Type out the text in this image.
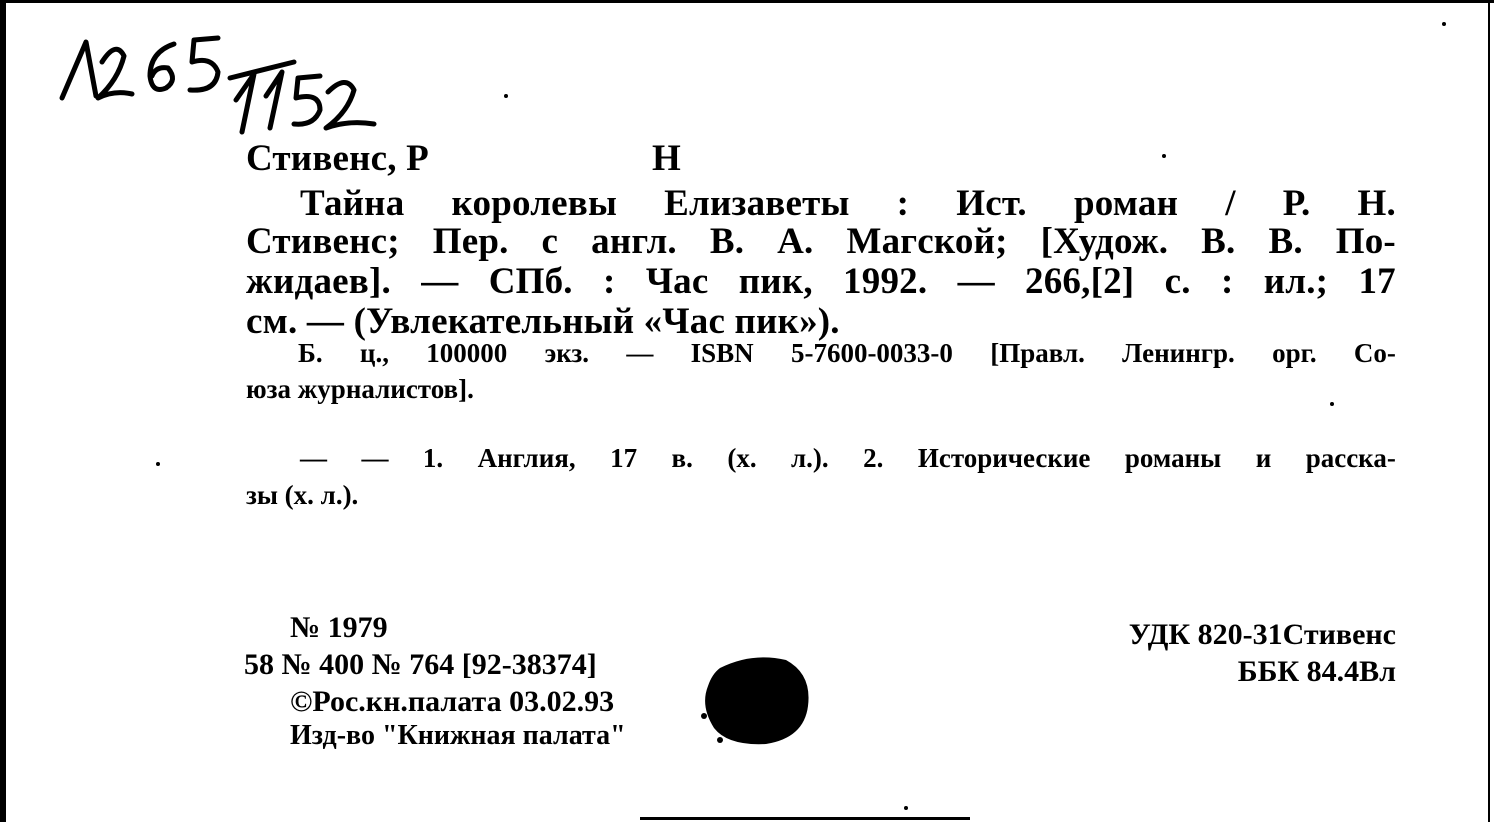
Стивенс, Р	Н
Тайна королевы Елизаветы : Ист. роман / Р. Н.
Стивенс; Пер. с англ. В. А. Магской; [Худож. В. В. По-
жидаев]. — СПб. : Час пик, 1992. — 266,[2] с. : ил.; 17
см. — (Увлекательный «Час пик»).
Б. ц., 100000 экз. — ISBN 5-7600-0033-0 [Правл. Ленингр. орг. Со-
юза журналистов].
— — 1. Англия, 17 в. (х. л.). 2. Исторические романы и расска-
зы (х. л.).
№ 1979
58 № 400 № 764 [92-38374]
©Рос.кн.палата 03.02.93
Изд-во "Книжная палата"
УДК 820-31Стивенс
ББК 84.4Вл
